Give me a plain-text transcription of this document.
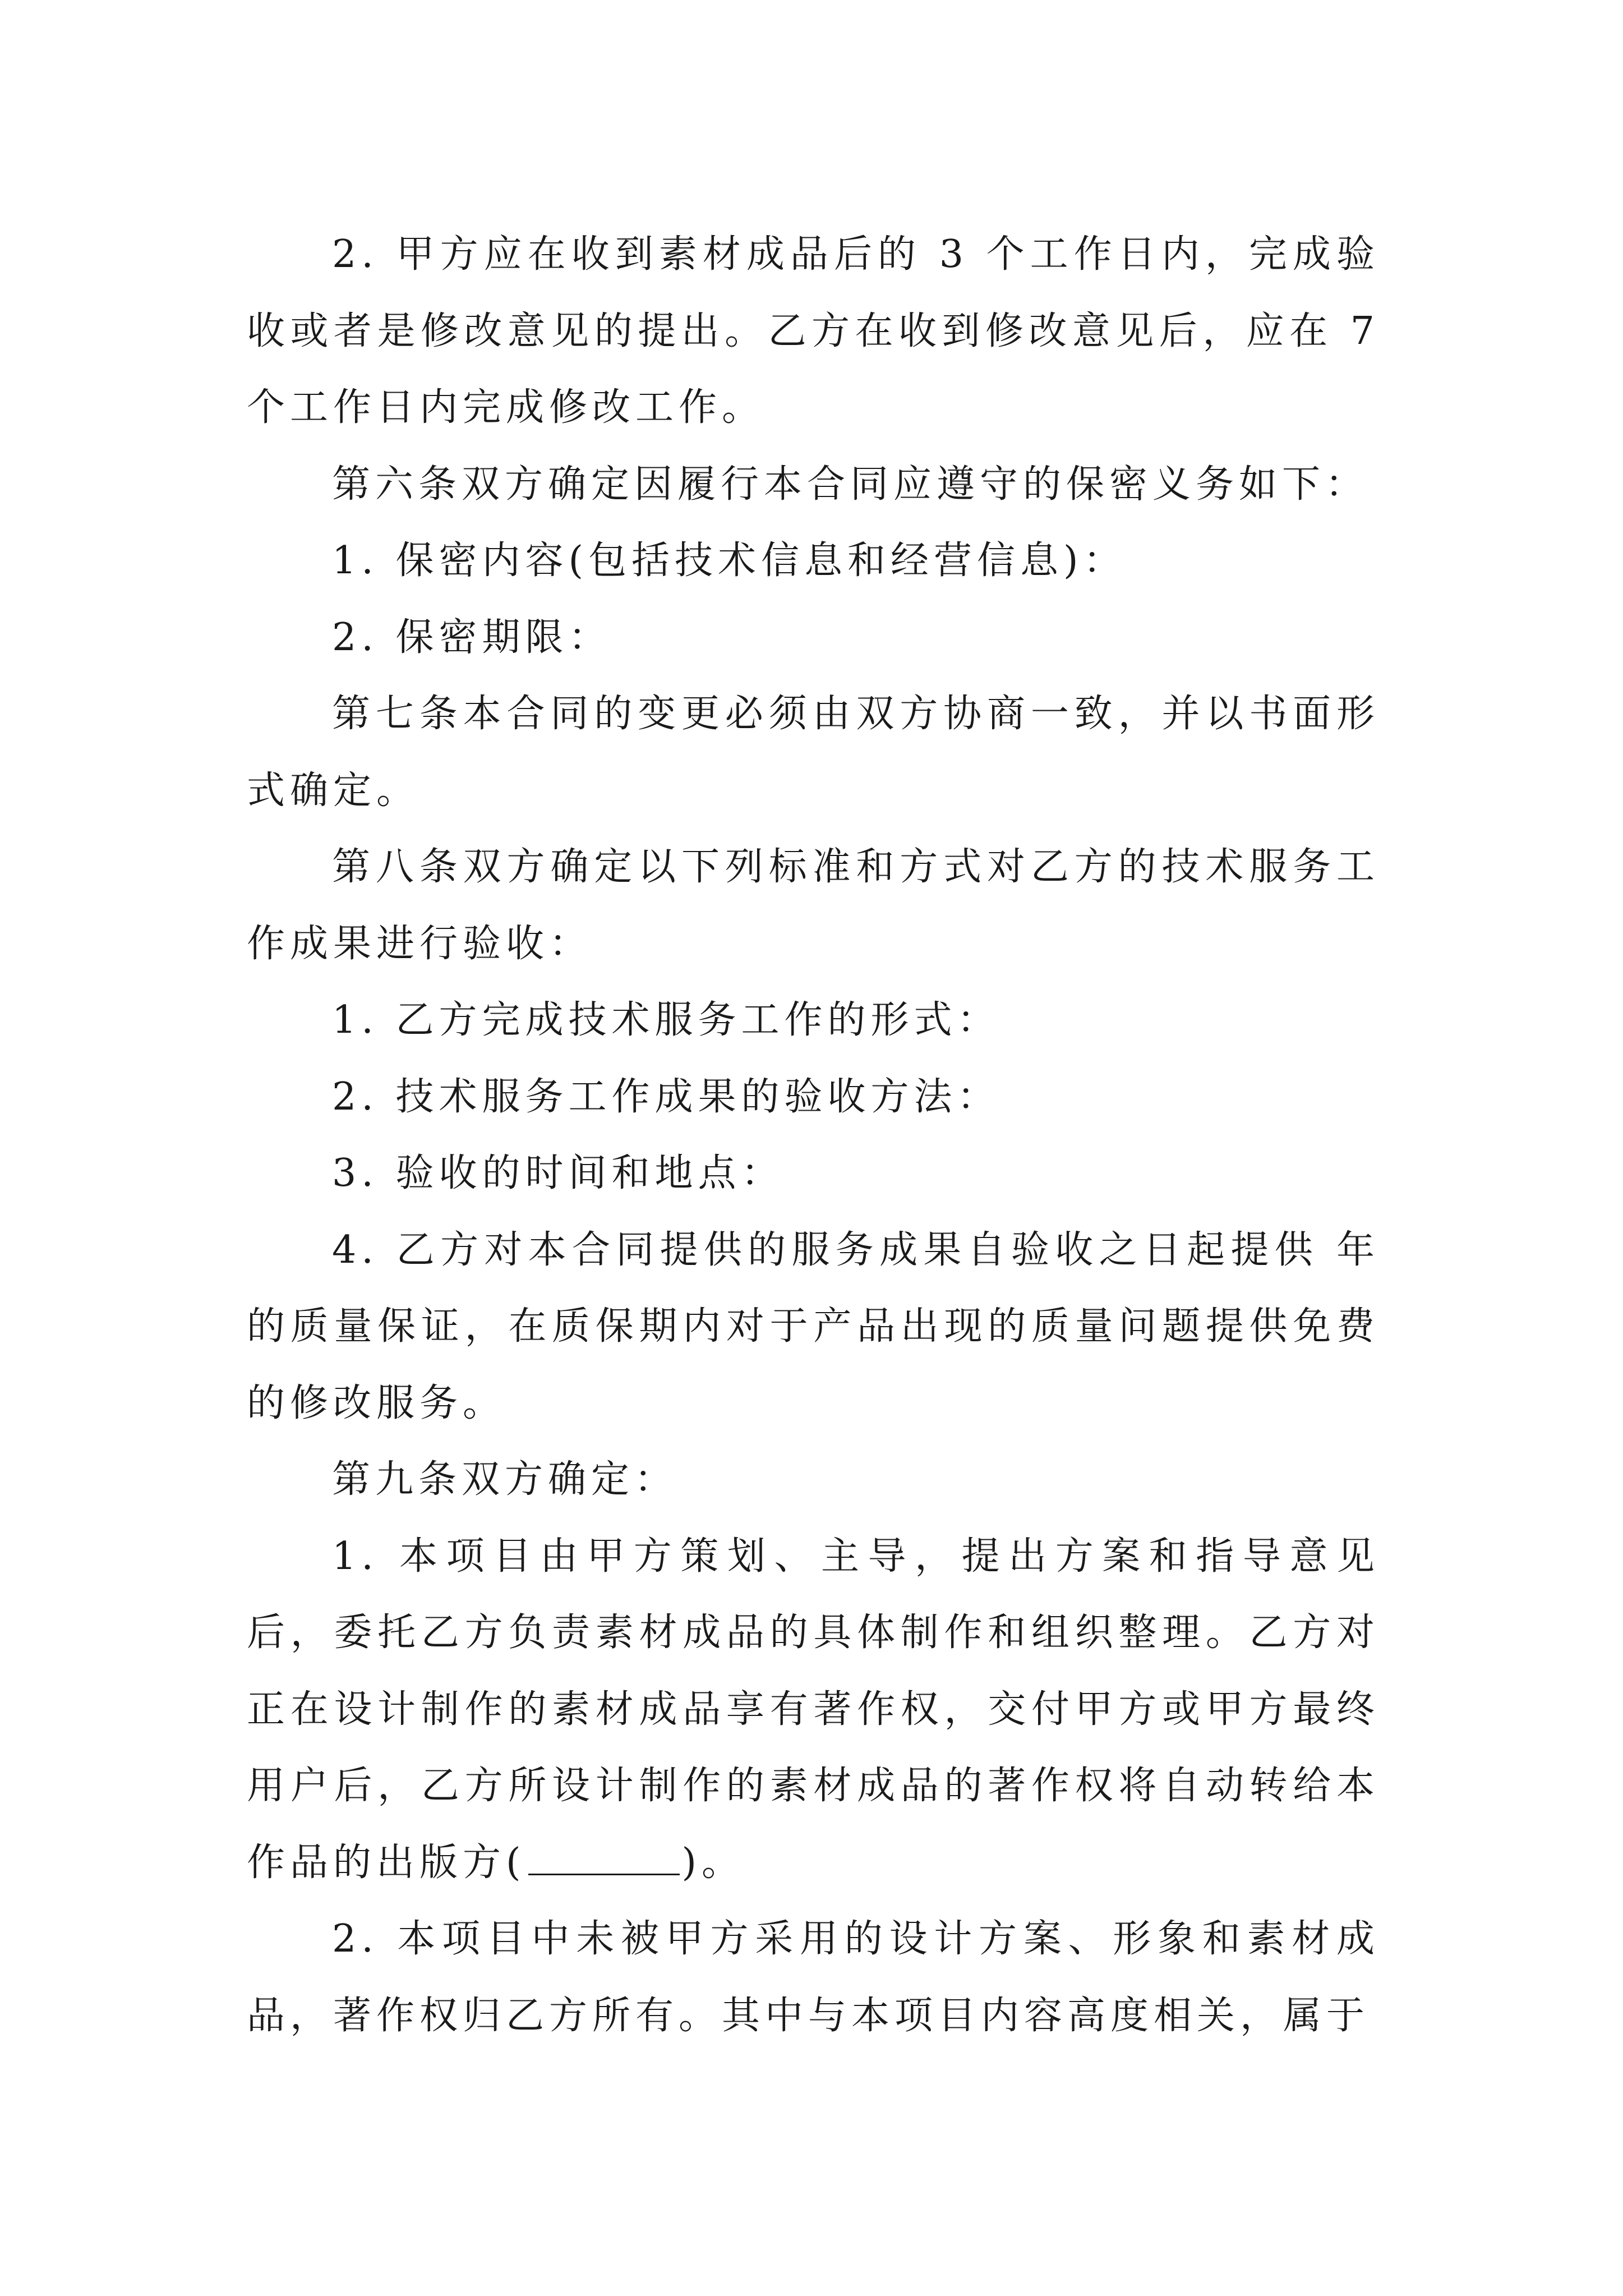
2. 甲方应在收到素材成品后的 3 个工作日内，完成验收或者是修改意见的提出。乙方在收到修改意见后，应在 7 个工作日内完成修改工作。

第六条双方确定因履行本合同应遵守的保密义务如下：

1. 保密内容(包括技术信息和经营信息)：

2. 保密期限：

第七条本合同的变更必须由双方协商一致，并以书面形式确定。

第八条双方确定以下列标准和方式对乙方的技术服务工作成果进行验收：

1. 乙方完成技术服务工作的形式：

2. 技术服务工作成果的验收方法：

3. 验收的时间和地点：

4. 乙方对本合同提供的服务成果自验收之日起提供 年的质量保证，在质保期内对于产品出现的质量问题提供免费的修改服务。

第九条双方确定：

1. 本项目由甲方策划、主导，提出方案和指导意见后，委托乙方负责素材成品的具体制作和组织整理。乙方对正在设计制作的素材成品享有著作权，交付甲方或甲方最终用户后，乙方所设计制作的素材成品的著作权将自动转给本作品的出版方(	)。

2. 本项目中未被甲方采用的设计方案、形象和素材成品，著作权归乙方所有。其中与本项目内容高度相关，属于
